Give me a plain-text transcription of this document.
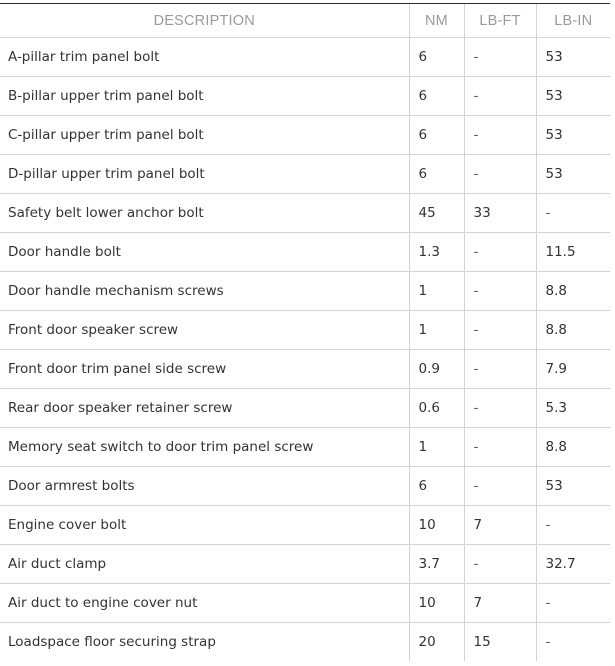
DESCRIPTION	NM	LB-FT	LB-IN
A-pillar trim panel bolt	6	-	53
B-pillar upper trim panel bolt	6	-	53
C-pillar upper trim panel bolt	6	-	53
D-pillar upper trim panel bolt	6	-	53
Safety belt lower anchor bolt	45	33	-
Door handle bolt	1.3	-	11.5
Door handle mechanism screws	1	-	8.8
Front door speaker screw	1	-	8.8
Front door trim panel side screw	0.9	-	7.9
Rear door speaker retainer screw	0.6	-	5.3
Memory seat switch to door trim panel screw	1	-	8.8
Door armrest bolts	6	-	53
Engine cover bolt	10	7	-
Air duct clamp	3.7	-	32.7
Air duct to engine cover nut	10	7	-
Loadspace floor securing strap	20	15	-
